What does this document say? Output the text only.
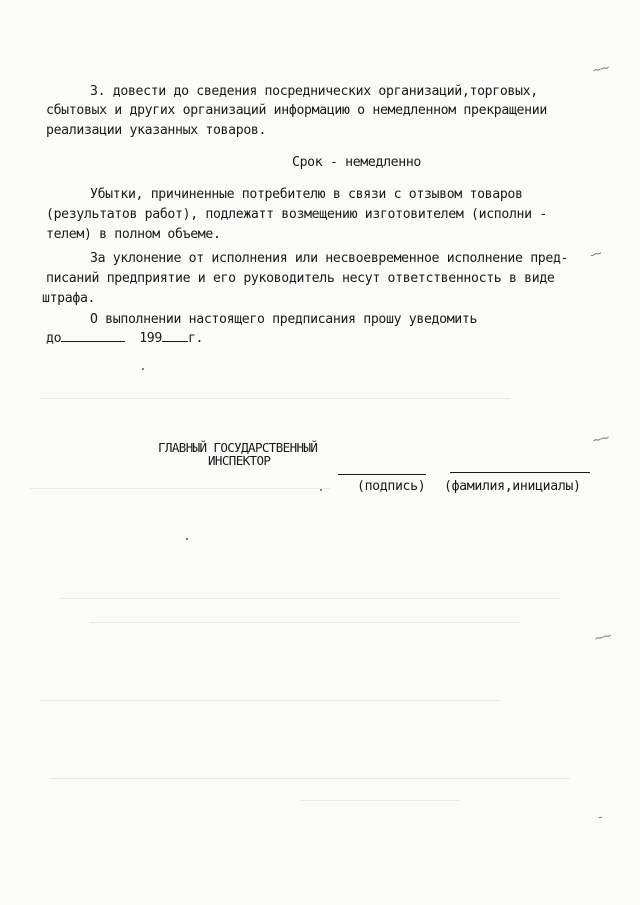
~~
-~
~~
~~
-
3. довести до сведения посреднических организаций,торговых,
сбытовых и других организаций информацию о немедленном прекращении
реализации указанных товаров.
Срок - немедленно
Убытки, причиненные потребителю в связи с отзывом товаров
(результатов работ), подлежатт возмещению изготовителем (исполни -
телем) в полном объеме.
За уклонение от исполнения или несвоевременное исполнение пред-
писаний предприятие и его руководитель несут ответственность в виде
штрафа.
О выполнении настоящего предписания прошу уведомить
до	199 г.
ГЛАВНЫЙ ГОСУДАРСТВЕННЫЙ
ИНСПЕКТОР
(подпись) (фамилия,инициалы)
